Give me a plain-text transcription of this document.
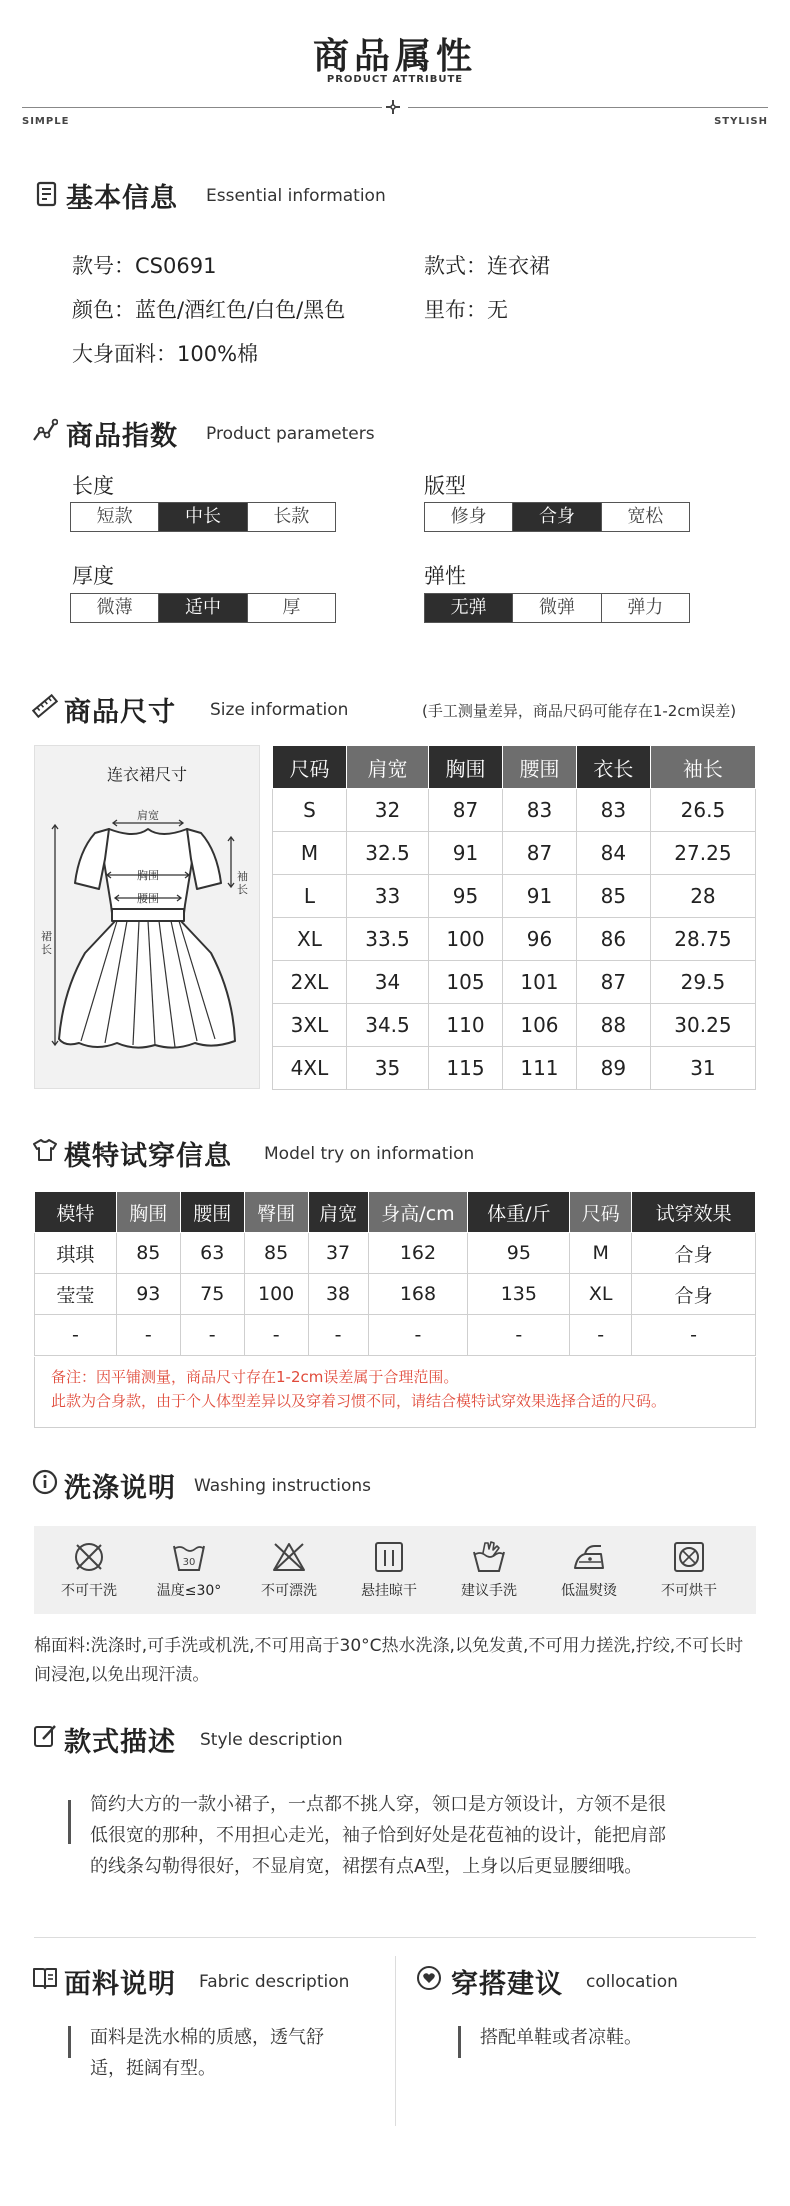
商品属性
PRODUCT ATTRIBUTE
SIMPLE	STYLISH
基本信息 Essential information
款号：CS0691	款式：连衣裙
颜色：蓝色/酒红色/白色/黑色	里布：无
大身面料：100%棉
商品指数 Product parameters
长度
短款	中长	长款
版型
修身	合身	宽松
厚度
微薄	适中	厚
弹性
无弹	微弹	弹力
商品尺寸 Size information	(手工测量差异，商品尺码可能存在1-2cm误差)
连衣裙尺寸
肩宽
胸围
腰围
袖长
裙长
尺码	肩宽	胸围	腰围	衣长	袖长
S	32	87	83	83	26.5
M	32.5	91	87	84	27.25
L	33	95	91	85	28
XL	33.5	100	96	86	28.75
2XL	34	105	101	87	29.5
3XL	34.5	110	106	88	30.25
4XL	35	115	111	89	31
模特试穿信息 Model try on information
模特	胸围	腰围	臀围	肩宽	身高/cm	体重/斤	尺码	试穿效果
琪琪	85	63	85	37	162	95	M	合身
莹莹	93	75	100	38	168	135	XL	合身
-	-	-	-	-	-	-	-	-
备注：因平铺测量，商品尺寸存在1-2cm误差属于合理范围。
此款为合身款，由于个人体型差异以及穿着习惯不同，请结合模特试穿效果选择合适的尺码。
洗涤说明 Washing instructions
不可干洗
30
温度≤30°	不可漂洗	悬挂晾干	建议手洗	低温熨烫	不可烘干
棉面料:洗涤时,可手洗或机洗,不可用高于30°C热水洗涤,以免发黄,不可用力搓洗,拧绞,不可长时间浸泡,以免出现汗渍。
款式描述 Style description
简约大方的一款小裙子，一点都不挑人穿，领口是方领设计，方领不是很
低很宽的那种，不用担心走光，袖子恰到好处是花苞袖的设计，能把肩部
的线条勾勒得很好，不显肩宽，裙摆有点A型，上身以后更显腰细哦。
面料说明 Fabric description
面料是洗水棉的质感，透气舒
适，挺阔有型。
穿搭建议 collocation
搭配单鞋或者凉鞋。
